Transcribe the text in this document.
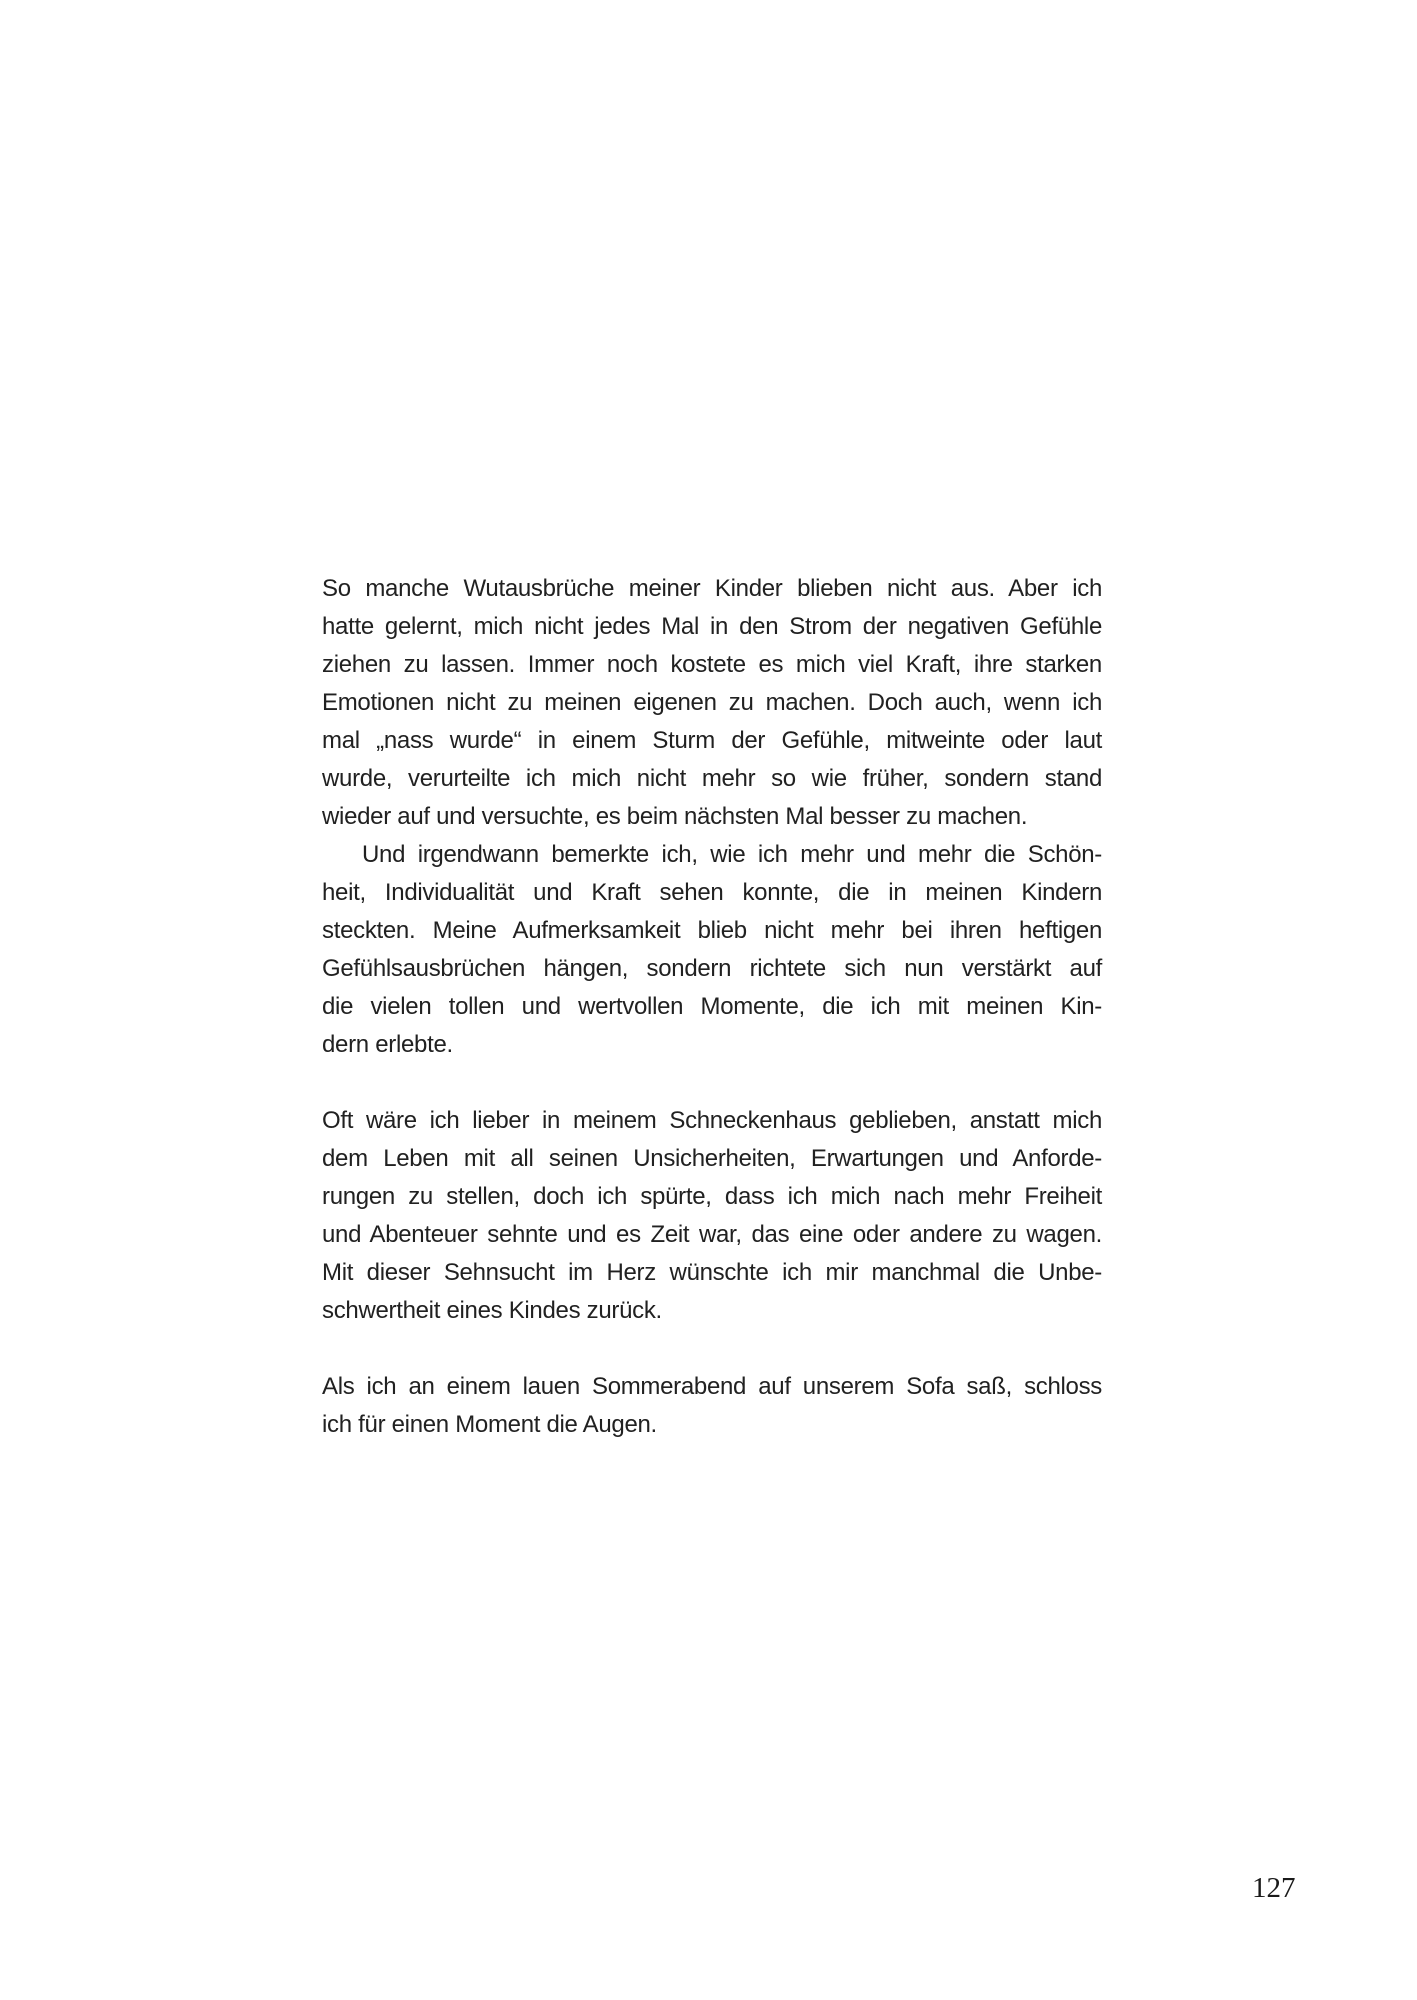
So manche Wutausbrüche meiner Kinder blieben nicht aus. Aber ich
hatte gelernt, mich nicht jedes Mal in den Strom der negativen Gefühle
ziehen zu lassen. Immer noch kostete es mich viel Kraft, ihre starken
Emotionen nicht zu meinen eigenen zu machen. Doch auch, wenn ich
mal „nass wurde“ in einem Sturm der Gefühle, mitweinte oder laut
wurde, verurteilte ich mich nicht mehr so wie früher, sondern stand
wieder auf und versuchte, es beim nächsten Mal besser zu machen.
Und irgendwann bemerkte ich, wie ich mehr und mehr die Schön-
heit, Individualität und Kraft sehen konnte, die in meinen Kindern
steckten. Meine Aufmerksamkeit blieb nicht mehr bei ihren heftigen
Gefühlsausbrüchen hängen, sondern richtete sich nun verstärkt auf
die vielen tollen und wertvollen Momente, die ich mit meinen Kin-
dern erlebte.
Oft wäre ich lieber in meinem Schneckenhaus geblieben, anstatt mich
dem Leben mit all seinen Unsicherheiten, Erwartungen und Anforde-
rungen zu stellen, doch ich spürte, dass ich mich nach mehr Freiheit
und Abenteuer sehnte und es Zeit war, das eine oder andere zu wagen.
Mit dieser Sehnsucht im Herz wünschte ich mir manchmal die Unbe-
schwertheit eines Kindes zurück.
Als ich an einem lauen Sommerabend auf unserem Sofa saß, schloss
ich für einen Moment die Augen.
127
